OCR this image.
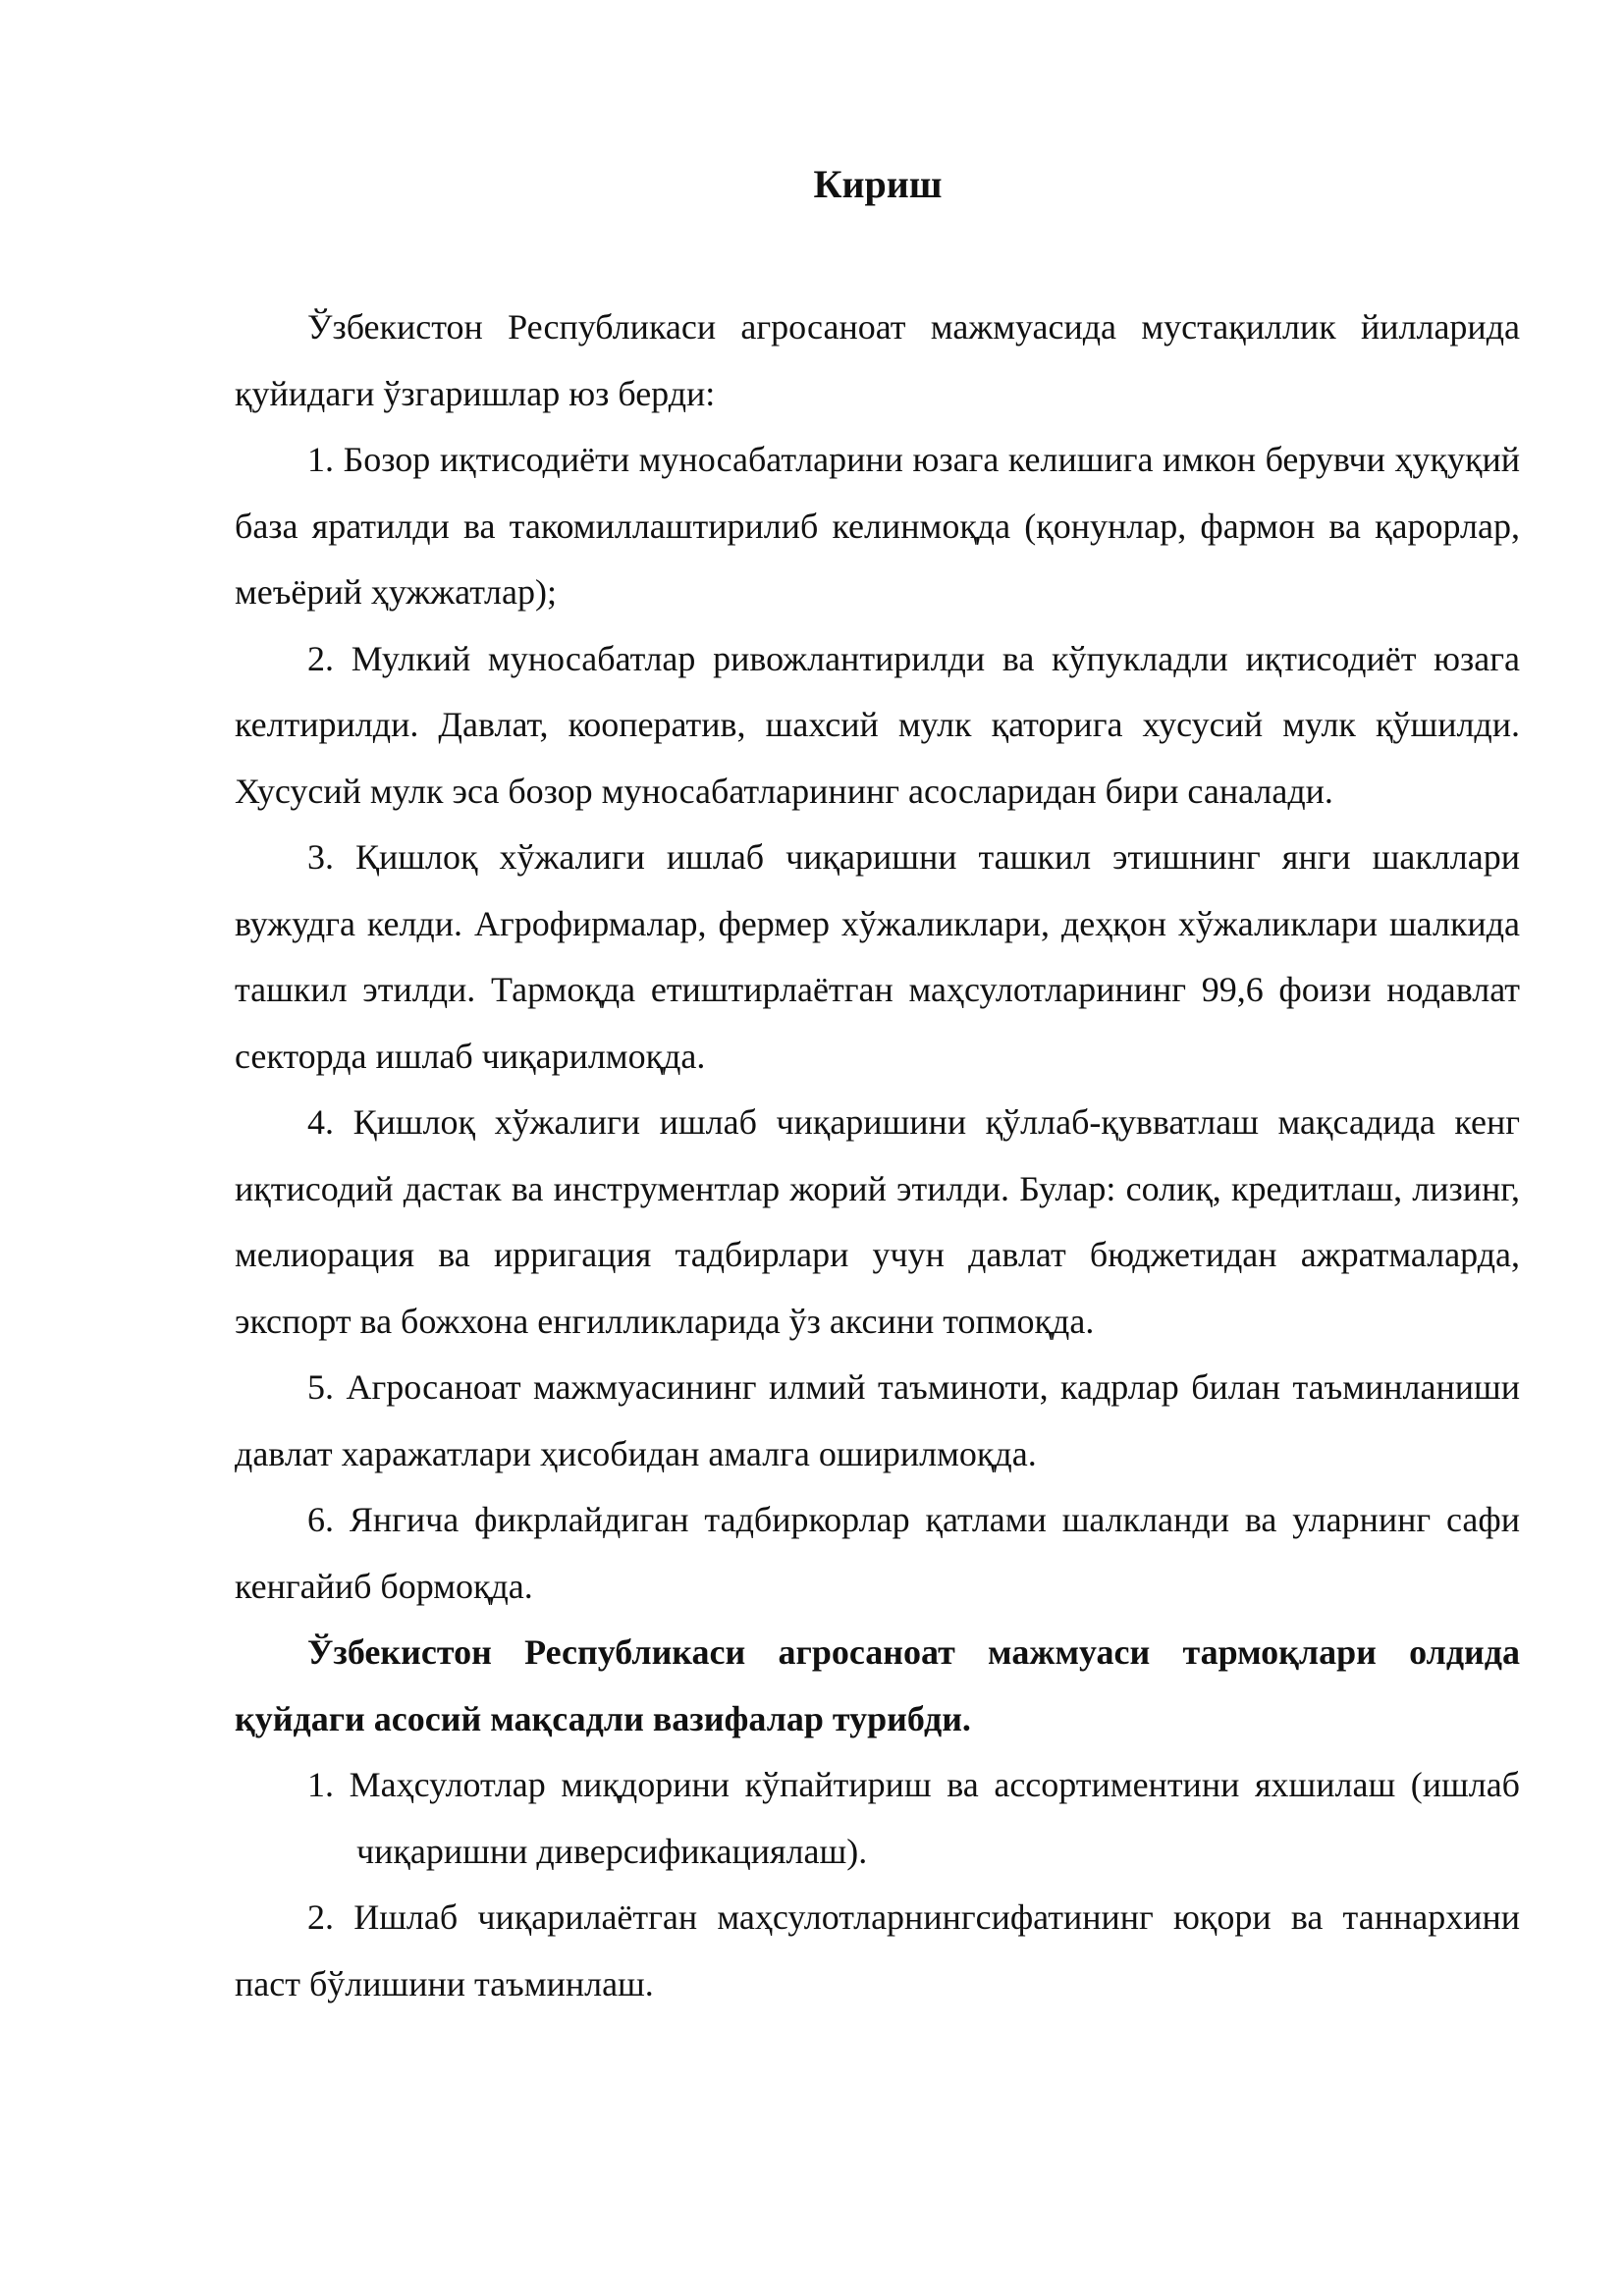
Кириш

Ўзбекистон Республикаси агросаноат мажмуасида мустақиллик йилларида қуйидаги ўзгаришлар юз берди:

1. Бозор иқтисодиёти муносабатларини юзага келишига имкон берувчи ҳуқуқий база яратилди ва такомиллаштирилиб келинмоқда (қонунлар, фармон ва қарорлар, меъёрий ҳужжатлар);

2. Мулкий муносабатлар ривожлантирилди ва кўпукладли иқтисодиёт юзага келтирилди. Давлат, кооператив, шахсий мулк қаторига хусусий мулк қўшилди. Хусусий мулк эса бозор муносабатларининг асосларидан бири саналади.

3. Қишлоқ хўжалиги ишлаб чиқаришни ташкил этишнинг янги шакллари вужудга келди. Агрофирмалар, фермер хўжаликлари, деҳқон хўжаликлари шалкида ташкил этилди. Тармоқда етиштирлаётган маҳсулотларининг 99,6 фоизи нодавлат секторда ишлаб чиқарилмоқда.

4. Қишлоқ хўжалиги ишлаб чиқаришини қўллаб-қувватлаш мақсадида кенг иқтисодий дастак ва инструментлар жорий этилди. Булар: солиқ, кредитлаш, лизинг, мелиорация ва ирригация тадбирлари учун давлат бюджетидан ажратмаларда, экспорт ва божхона енгилликларида ўз аксини топмоқда.

5. Агросаноат мажмуасининг илмий таъминоти, кадрлар билан таъминланиши давлат харажатлари ҳисобидан амалга оширилмоқда.

6. Янгича фикрлайдиган тадбиркорлар қатлами шалкланди ва уларнинг сафи кенгайиб бормоқда.

Ўзбекистон Республикаси агросаноат мажмуаси тармоқлари олдида қуйдаги асосий мақсадли вазифалар турибди.

1. Маҳсулотлар миқдорини кўпайтириш ва ассортиментини яхшилаш (ишлаб чиқаришни диверсификациялаш).

2. Ишлаб чиқарилаётган маҳсулотларнингсифатининг юқори ва таннархини паст бўлишини таъминлаш.
